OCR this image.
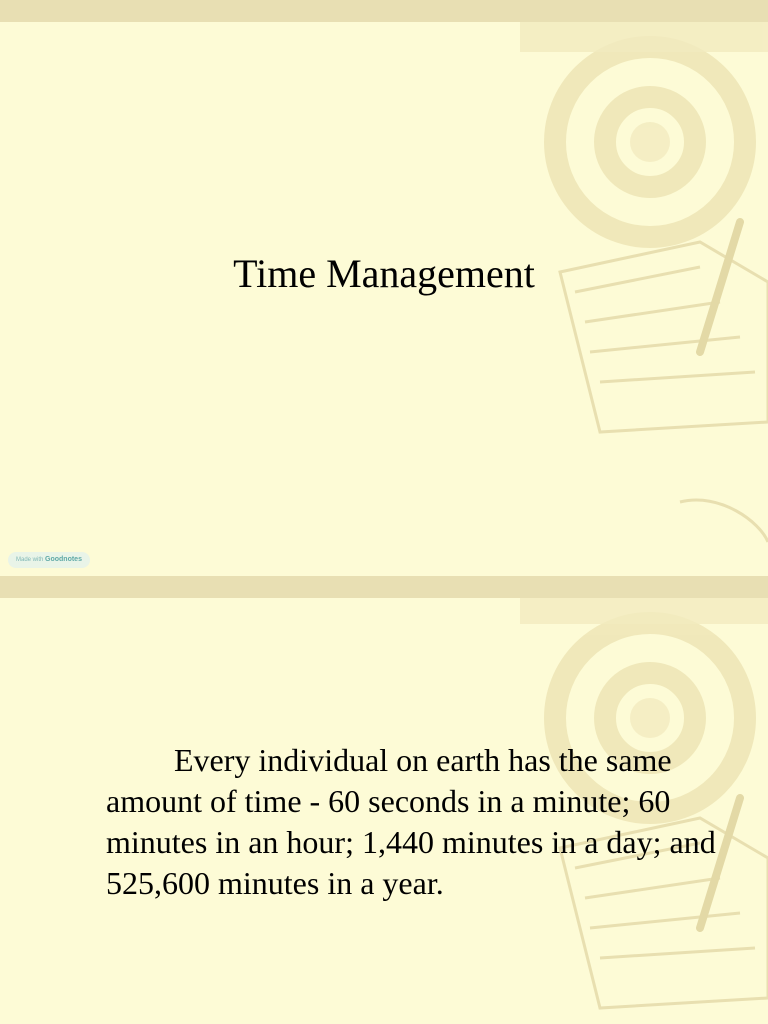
Time Management
Made with Goodnotes

Every individual on earth has the same amount of time - 60 seconds in a minute; 60 minutes in an hour; 1,440 minutes in a day; and 525,600 minutes in a year.
